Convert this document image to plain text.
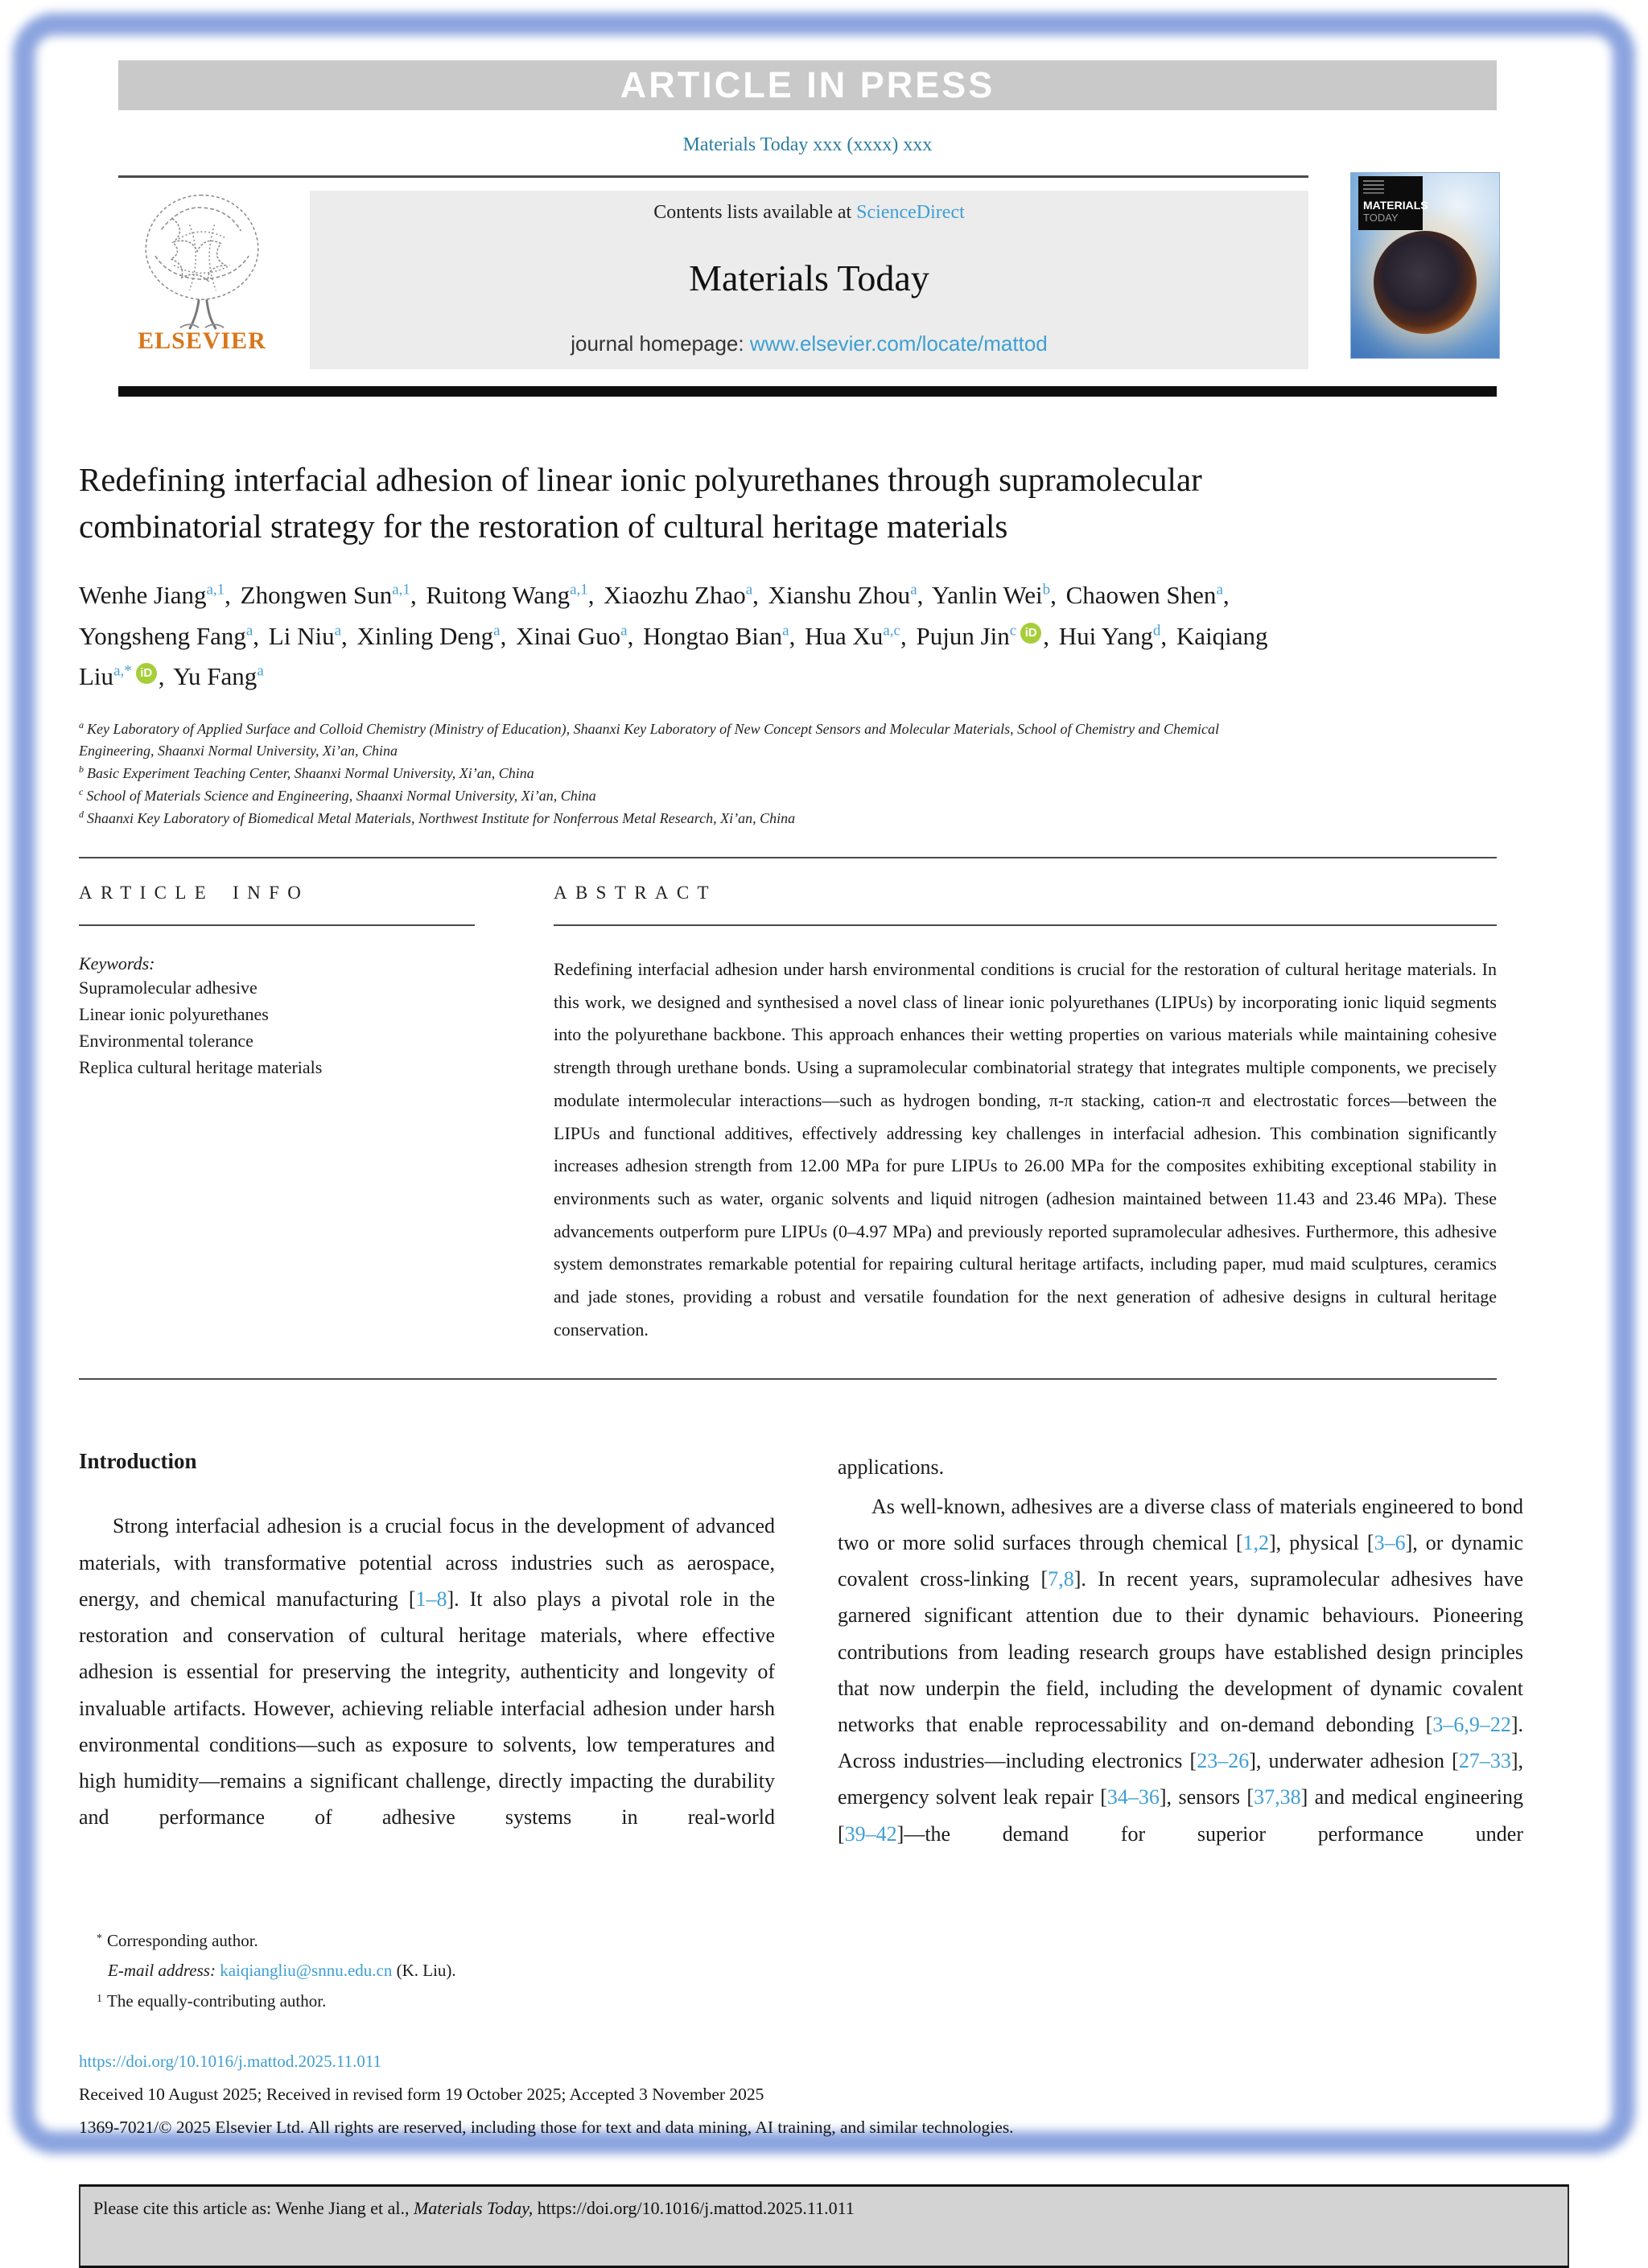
ARTICLE IN PRESS
Materials Today xxx (xxxx) xxx
ELSEVIER
Contents lists available at ScienceDirect
Materials Today
journal homepage: www.elsevier.com/locate/mattod
MATERIALS
TODAY
Redefining interfacial adhesion of linear ionic polyurethanes through supramolecular combinatorial strategy for the restoration of cultural heritage materials
Wenhe Jiang$^{a,1}$, Zhongwen Sun$^{a,1}$, Ruitong Wang$^{a,1}$, Xiaozhu Zhao$^a$, Xianshu Zhou$^a$, Yanlin Wei$^b$, Chaowen Shen$^a$, Yongsheng Fang$^a$, Li Niu$^a$, Xinling Deng$^a$, Xinai Guo$^a$, Hongtao Bian$^a$, Hua Xu$^{a,c}$, Pujun Jin$^c$ iD , Hui Yang$^d$, Kaiqiang Liu$^{a,*}$ iD , Yu Fang$^a$
$^a$ Key Laboratory of Applied Surface and Colloid Chemistry (Ministry of Education), Shaanxi Key Laboratory of New Concept Sensors and Molecular Materials, School of Chemistry and Chemical Engineering, Shaanxi Normal University, Xi’an, China
$^b$ Basic Experiment Teaching Center, Shaanxi Normal University, Xi’an, China
$^c$ School of Materials Science and Engineering, Shaanxi Normal University, Xi’an, China
$^d$ Shaanxi Key Laboratory of Biomedical Metal Materials, Northwest Institute for Nonferrous Metal Research, Xi’an, China
ARTICLE INFO
Keywords:
Supramolecular adhesive
Linear ionic polyurethanes
Environmental tolerance
Replica cultural heritage materials
ABSTRACT
Redefining interfacial adhesion under harsh environmental conditions is crucial for the restoration of cultural heritage materials. In this work, we designed and synthesised a novel class of linear ionic polyurethanes (LIPUs) by incorporating ionic liquid segments into the polyurethane backbone. This approach enhances their wetting properties on various materials while maintaining cohesive strength through urethane bonds. Using a supramolecular combinatorial strategy that integrates multiple components, we precisely modulate intermolecular interactions—such as hydrogen bonding, π-π stacking, cation-π and electrostatic forces—between the LIPUs and functional additives, effectively addressing key challenges in interfacial adhesion. This combination significantly increases adhesion strength from 12.00 MPa for pure LIPUs to 26.00 MPa for the composites exhibiting exceptional stability in environments such as water, organic solvents and liquid nitrogen (adhesion maintained between 11.43 and 23.46 MPa). These advancements outperform pure LIPUs (0–4.97 MPa) and previously reported supramolecular adhesives. Furthermore, this adhesive system demonstrates remarkable potential for repairing cultural heritage artifacts, including paper, mud maid sculptures, ceramics and jade stones, providing a robust and versatile foundation for the next generation of adhesive designs in cultural heritage conservation.
Introduction
Strong interfacial adhesion is a crucial focus in the development of advanced materials, with transformative potential across industries such as aerospace, energy, and chemical manufacturing [1–8]. It also plays a pivotal role in the restoration and conservation of cultural heritage materials, where effective adhesion is essential for preserving the integrity, authenticity and longevity of invaluable artifacts. However, achieving reliable interfacial adhesion under harsh environmental conditions—such as exposure to solvents, low temperatures and high humidity—remains a significant challenge, directly impacting the durability and performance of adhesive systems in real-world
applications.
As well-known, adhesives are a diverse class of materials engineered to bond two or more solid surfaces through chemical [1,2], physical [3–6], or dynamic covalent cross-linking [7,8]. In recent years, supramolecular adhesives have garnered significant attention due to their dynamic behaviours. Pioneering contributions from leading research groups have established design principles that now underpin the field, including the development of dynamic covalent networks that enable reprocessability and on-demand debonding [3–6,9–22]. Across industries—including electronics [23–26], underwater adhesion [27–33], emergency solvent leak repair [34–36], sensors [37,38] and medical engineering [39–42]—the demand for superior performance under
* Corresponding author.
E-mail address: kaiqiangliu@snnu.edu.cn (K. Liu).
$^1$ The equally-contributing author.
https://doi.org/10.1016/j.mattod.2025.11.011
Received 10 August 2025; Received in revised form 19 October 2025; Accepted 3 November 2025
1369-7021/© 2025 Elsevier Ltd. All rights are reserved, including those for text and data mining, AI training, and similar technologies.
Please cite this article as: Wenhe Jiang et al., Materials Today, https://doi.org/10.1016/j.mattod.2025.11.011
